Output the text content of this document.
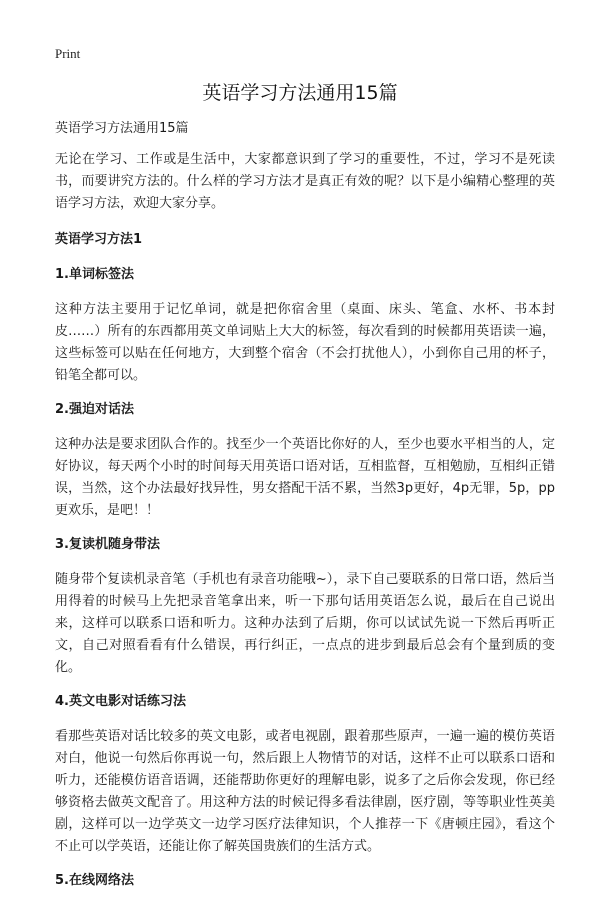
Print
英语学习方法通用15篇

英语学习方法通用15篇

无论在学习、工作或是生活中，大家都意识到了学习的重要性，不过，学习不是死读书，而要讲究方法的。什么样的学习方法才是真正有效的呢？以下是小编精心整理的英语学习方法，欢迎大家分享。

英语学习方法1
1.单词标签法

这种方法主要用于记忆单词，就是把你宿舍里（桌面、床头、笔盒、水杯、书本封皮……）所有的东西都用英文单词贴上大大的标签，每次看到的时候都用英语读一遍，这些标签可以贴在任何地方，大到整个宿舍（不会打扰他人），小到你自己用的杯子，铅笔全都可以。

2.强迫对话法

这种办法是要求团队合作的。找至少一个英语比你好的人，至少也要水平相当的人，定好协议，每天两个小时的时间每天用英语口语对话，互相监督，互相勉励，互相纠正错误，当然，这个办法最好找异性，男女搭配干活不累，当然3p更好，4p无罪，5p，pp更欢乐，是吧！！

3.复读机随身带法

随身带个复读机录音笔（手机也有录音功能哦~），录下自己要联系的日常口语，然后当用得着的时候马上先把录音笔拿出来，听一下那句话用英语怎么说，最后在自己说出来，这样可以联系口语和听力。这种办法到了后期，你可以试试先说一下然后再听正文，自己对照看看有什么错误，再行纠正，一点点的进步到最后总会有个量到质的变化。

4.英文电影对话练习法

看那些英语对话比较多的英文电影，或者电视剧，跟着那些原声，一遍一遍的模仿英语对白，他说一句然后你再说一句，然后跟上人物情节的对话，这样不止可以联系口语和听力，还能模仿语音语调，还能帮助你更好的理解电影，说多了之后你会发现，你已经够资格去做英文配音了。用这种方法的时候记得多看法律剧，医疗剧，等等职业性英美剧，这样可以一边学英文一边学习医疗法律知识，个人推荐一下《唐顿庄园》，看这个不止可以学英语，还能让你了解英国贵族们的生活方式。

5.在线网络法
